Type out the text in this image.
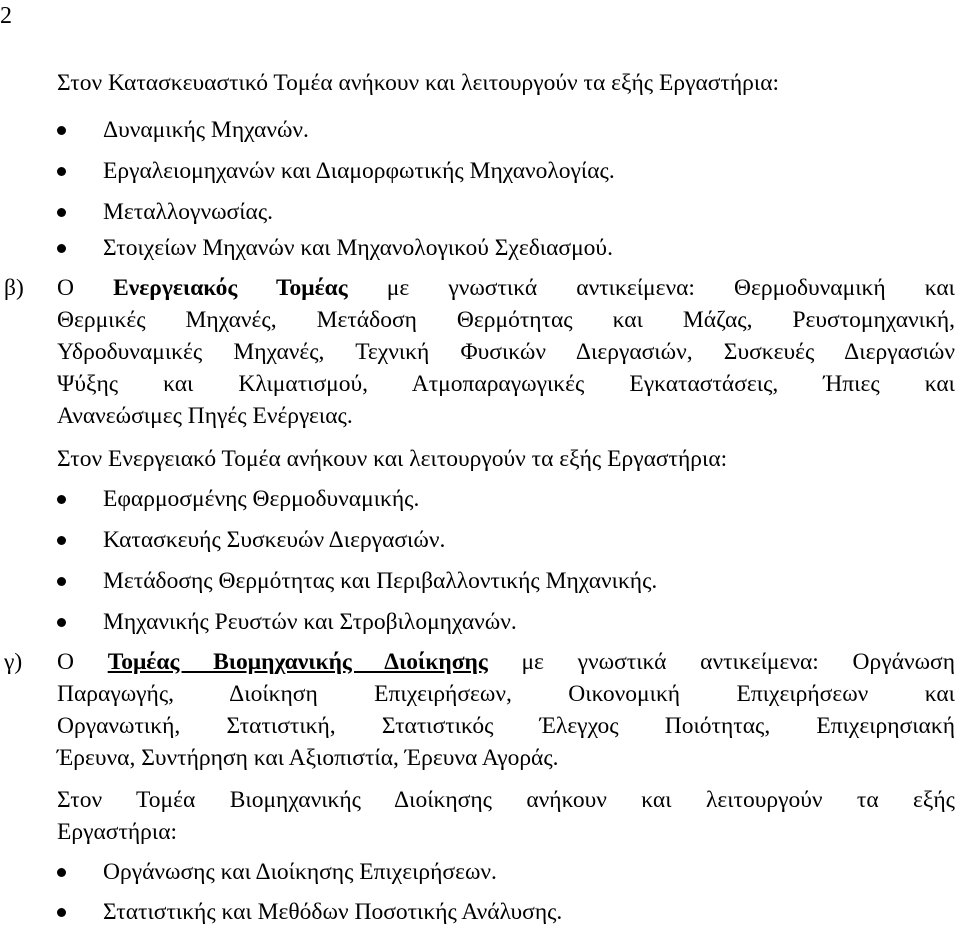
2
Στον Κατασκευαστικό Τομέα ανήκουν και λειτουργούν τα εξής Εργαστήρια:
Δυναμικής Μηχανών.
Εργαλειομηχανών και Διαμορφωτικής Μηχανολογίας.
Μεταλλογνωσίας.
Στοιχείων Μηχανών και Μηχανολογικού Σχεδιασμού.
β) Ο Ενεργειακός Τομέας με γνωστικά αντικείμενα: Θερμοδυναμική και
Θερμικές Μηχανές, Μετάδοση Θερμότητας και Μάζας, Ρευστομηχανική,
Υδροδυναμικές Μηχανές, Τεχνική Φυσικών Διεργασιών, Συσκευές Διεργασιών
Ψύξης και Κλιματισμού, Ατμοπαραγωγικές Εγκαταστάσεις, Ήπιες και
Ανανεώσιμες Πηγές Ενέργειας.
Στον Ενεργειακό Τομέα ανήκουν και λειτουργούν τα εξής Εργαστήρια:
Εφαρμοσμένης Θερμοδυναμικής.
Κατασκευής Συσκευών Διεργασιών.
Μετάδοσης Θερμότητας και Περιβαλλοντικής Μηχανικής.
Μηχανικής Ρευστών και Στροβιλομηχανών.
γ) Ο Τομέας Βιομηχανικής Διοίκησης με γνωστικά αντικείμενα: Οργάνωση
Παραγωγής, Διοίκηση Επιχειρήσεων, Οικονομική Επιχειρήσεων και
Οργανωτική, Στατιστική, Στατιστικός Έλεγχος Ποιότητας, Επιχειρησιακή
Έρευνα, Συντήρηση και Αξιοπιστία, Έρευνα Αγοράς.
Στον Τομέα Βιομηχανικής Διοίκησης ανήκουν και λειτουργούν τα εξής
Εργαστήρια:
Οργάνωσης και Διοίκησης Επιχειρήσεων.
Στατιστικής και Μεθόδων Ποσοτικής Ανάλυσης.
